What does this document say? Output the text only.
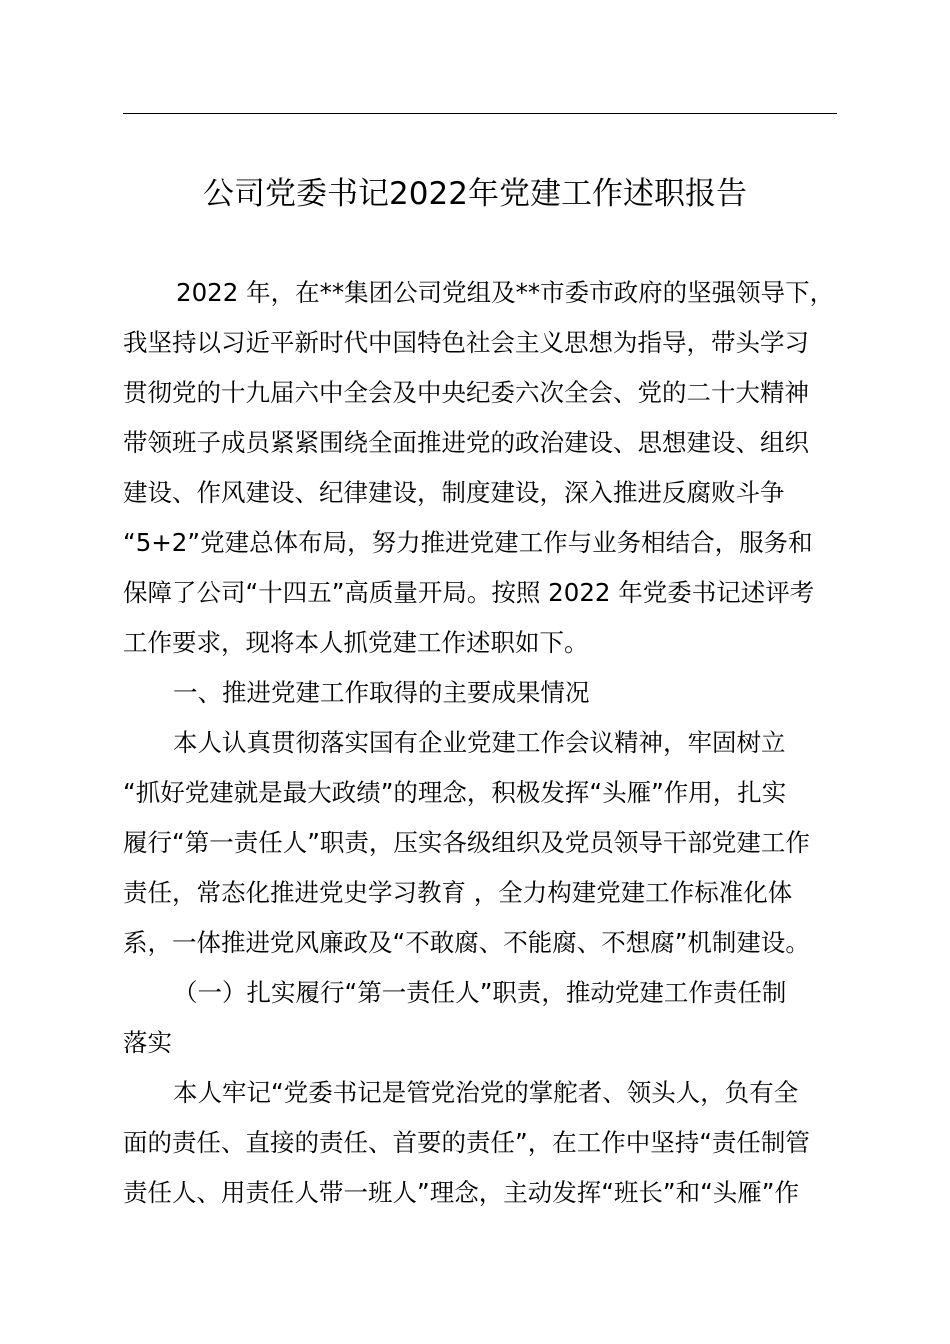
公司党委书记2022年党建工作述职报告
2022 年，在**集团公司党组及**市委市政府的坚强领导下，
我坚持以习近平新时代中国特色社会主义思想为指导，带头学习
贯彻党的十九届六中全会及中央纪委六次全会、党的二十大精神
带领班子成员紧紧围绕全面推进党的政治建设、思想建设、组织
建设、作风建设、纪律建设，制度建设，深入推进反腐败斗争
“5+2”党建总体布局，努力推进党建工作与业务相结合，服务和
保障了公司“十四五”高质量开局。按照 2022 年党委书记述评考
工作要求，现将本人抓党建工作述职如下。
一、推进党建工作取得的主要成果情况
本人认真贯彻落实国有企业党建工作会议精神，牢固树立
“抓好党建就是最大政绩”的理念，积极发挥“头雁”作用，扎实
履行“第一责任人”职责，压实各级组织及党员领导干部党建工作
责任，常态化推进党史学习教育 ，全力构建党建工作标准化体
系，一体推进党风廉政及“不敢腐、不能腐、不想腐”机制建设。
（一）扎实履行“第一责任人”职责，推动党建工作责任制
落实
本人牢记“党委书记是管党治党的掌舵者、领头人，负有全
面的责任、直接的责任、首要的责任”，在工作中坚持“责任制管
责任人、用责任人带一班人”理念，主动发挥“班长”和“头雁”作
